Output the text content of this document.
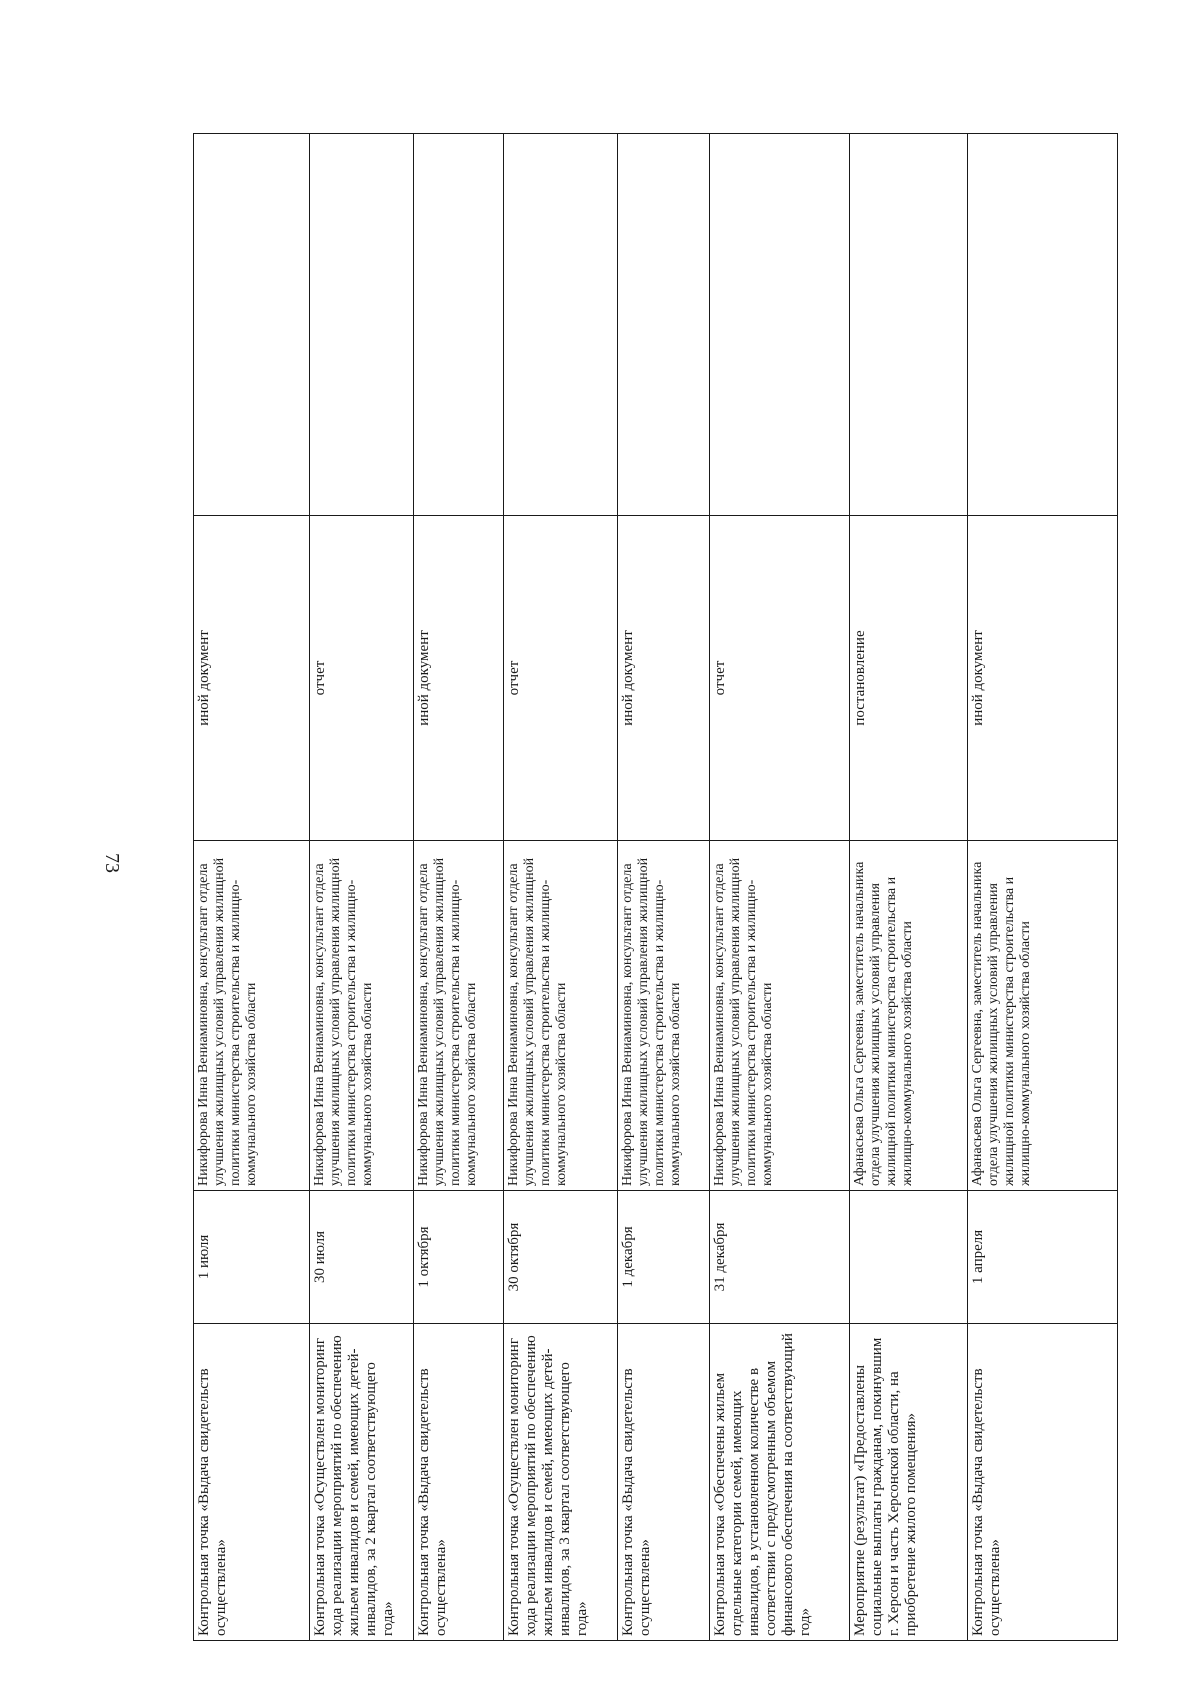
73
Контрольная точка «Выдача свидетельств осуществлена»	1 июля	Никифорова Инна Вениаминовна, консультант отдела улучшения жилищных условий управления жилищной политики министерства строительства и жилищно-коммунального хозяйства области	иной документ	
Контрольная точка «Осуществлен мониторинг хода реализации мероприятий по обеспечению жильем инвалидов и семей, имеющих детей-инвалидов, за 2 квартал соответствующего года»	30 июля	Никифорова Инна Вениаминовна, консультант отдела улучшения жилищных условий управления жилищной политики министерства строительства и жилищно-коммунального хозяйства области	отчет	
Контрольная точка «Выдача свидетельств осуществлена»	1 октября	Никифорова Инна Вениаминовна, консультант отдела улучшения жилищных условий управления жилищной политики министерства строительства и жилищно-коммунального хозяйства области	иной документ	
Контрольная точка «Осуществлен мониторинг хода реализации мероприятий по обеспечению жильем инвалидов и семей, имеющих детей-инвалидов, за 3 квартал соответствующего года»	30 октября	Никифорова Инна Вениаминовна, консультант отдела улучшения жилищных условий управления жилищной политики министерства строительства и жилищно-коммунального хозяйства области	отчет	
Контрольная точка «Выдача свидетельств осуществлена»	1 декабря	Никифорова Инна Вениаминовна, консультант отдела улучшения жилищных условий управления жилищной политики министерства строительства и жилищно-коммунального хозяйства области	иной документ	
Контрольная точка «Обеспечены жильем отдельные категории семей, имеющих инвалидов, в установленном количестве в соответствии с предусмотренным объемом финансового обеспечения на соответствующий год»	31 декабря	Никифорова Инна Вениаминовна, консультант отдела улучшения жилищных условий управления жилищной политики министерства строительства и жилищно-коммунального хозяйства области	отчет	
Мероприятие (результат) «Предоставлены социальные выплаты гражданам, покинувшим г. Херсон и часть Херсонской области, на приобретение жилого помещения»		Афанасьева Ольга Сергеевна, заместитель начальника отдела улучшения жилищных условий управления жилищной политики министерства строительства и жилищно-коммунального хозяйства области	постановление	
Контрольная точка «Выдача свидетельств осуществлена»	1 апреля	Афанасьева Ольга Сергеевна, заместитель начальника отдела улучшения жилищных условий управления жилищной политики министерства строительства и жилищно-коммунального хозяйства области	иной документ	
